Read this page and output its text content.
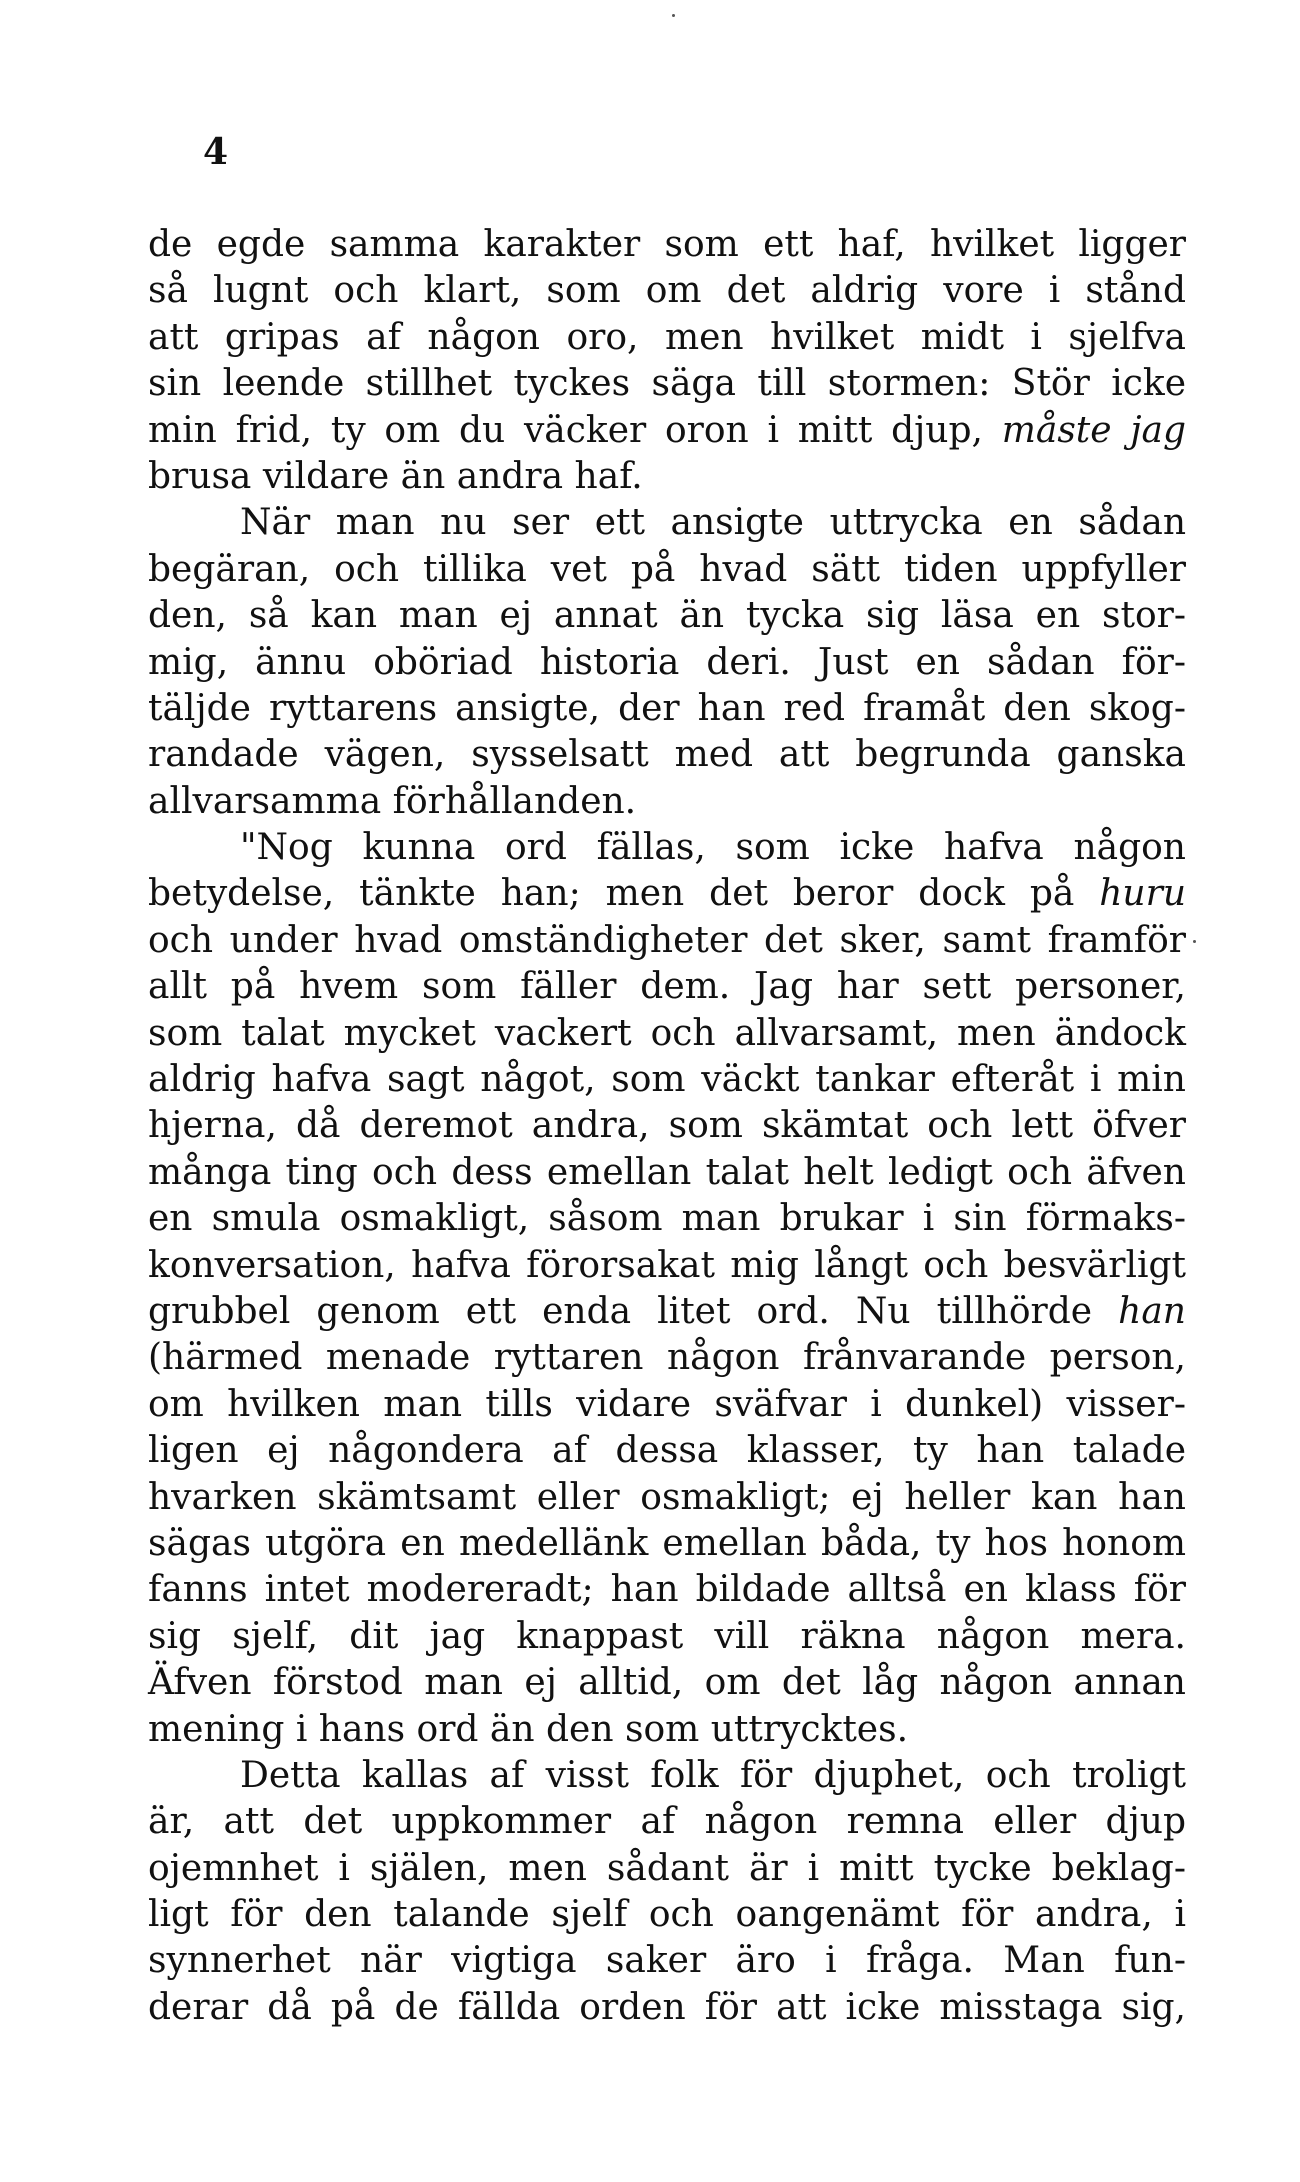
4
de egde samma karakter som ett haf, hvilket ligger
så lugnt och klart, som om det aldrig vore i stånd
att gripas af någon oro, men hvilket midt i sjelfva
sin leende stillhet tyckes säga till stormen: Stör icke
min frid, ty om du väcker oron i mitt djup, måste jag
brusa vildare än andra haf.
När man nu ser ett ansigte uttrycka en sådan
begäran, och tillika vet på hvad sätt tiden uppfyller
den, så kan man ej annat än tycka sig läsa en stor-
mig, ännu oböriad historia deri. Just en sådan för-
täljde ryttarens ansigte, der han red framåt den skog-
randade vägen, sysselsatt med att begrunda ganska
allvarsamma förhållanden.
"Nog kunna ord fällas, som icke hafva någon
betydelse, tänkte han; men det beror dock på huru
och under hvad omständigheter det sker, samt framför
allt på hvem som fäller dem. Jag har sett personer,
som talat mycket vackert och allvarsamt, men ändock
aldrig hafva sagt något, som väckt tankar efteråt i min
hjerna, då deremot andra, som skämtat och lett öfver
många ting och dess emellan talat helt ledigt och äfven
en smula osmakligt, såsom man brukar i sin förmaks-
konversation, hafva förorsakat mig långt och besvärligt
grubbel genom ett enda litet ord. Nu tillhörde han
(härmed menade ryttaren någon frånvarande person,
om hvilken man tills vidare sväfvar i dunkel) visser-
ligen ej någondera af dessa klasser, ty han talade
hvarken skämtsamt eller osmakligt; ej heller kan han
sägas utgöra en medellänk emellan båda, ty hos honom
fanns intet modereradt; han bildade alltså en klass för
sig sjelf, dit jag knappast vill räkna någon mera.
Äfven förstod man ej alltid, om det låg någon annan
mening i hans ord än den som uttrycktes.
Detta kallas af visst folk för djuphet, och troligt
är, att det uppkommer af någon remna eller djup
ojemnhet i själen, men sådant är i mitt tycke beklag-
ligt för den talande sjelf och oangenämt för andra, i
synnerhet när vigtiga saker äro i fråga. Man fun-
derar då på de fällda orden för att icke misstaga sig,
